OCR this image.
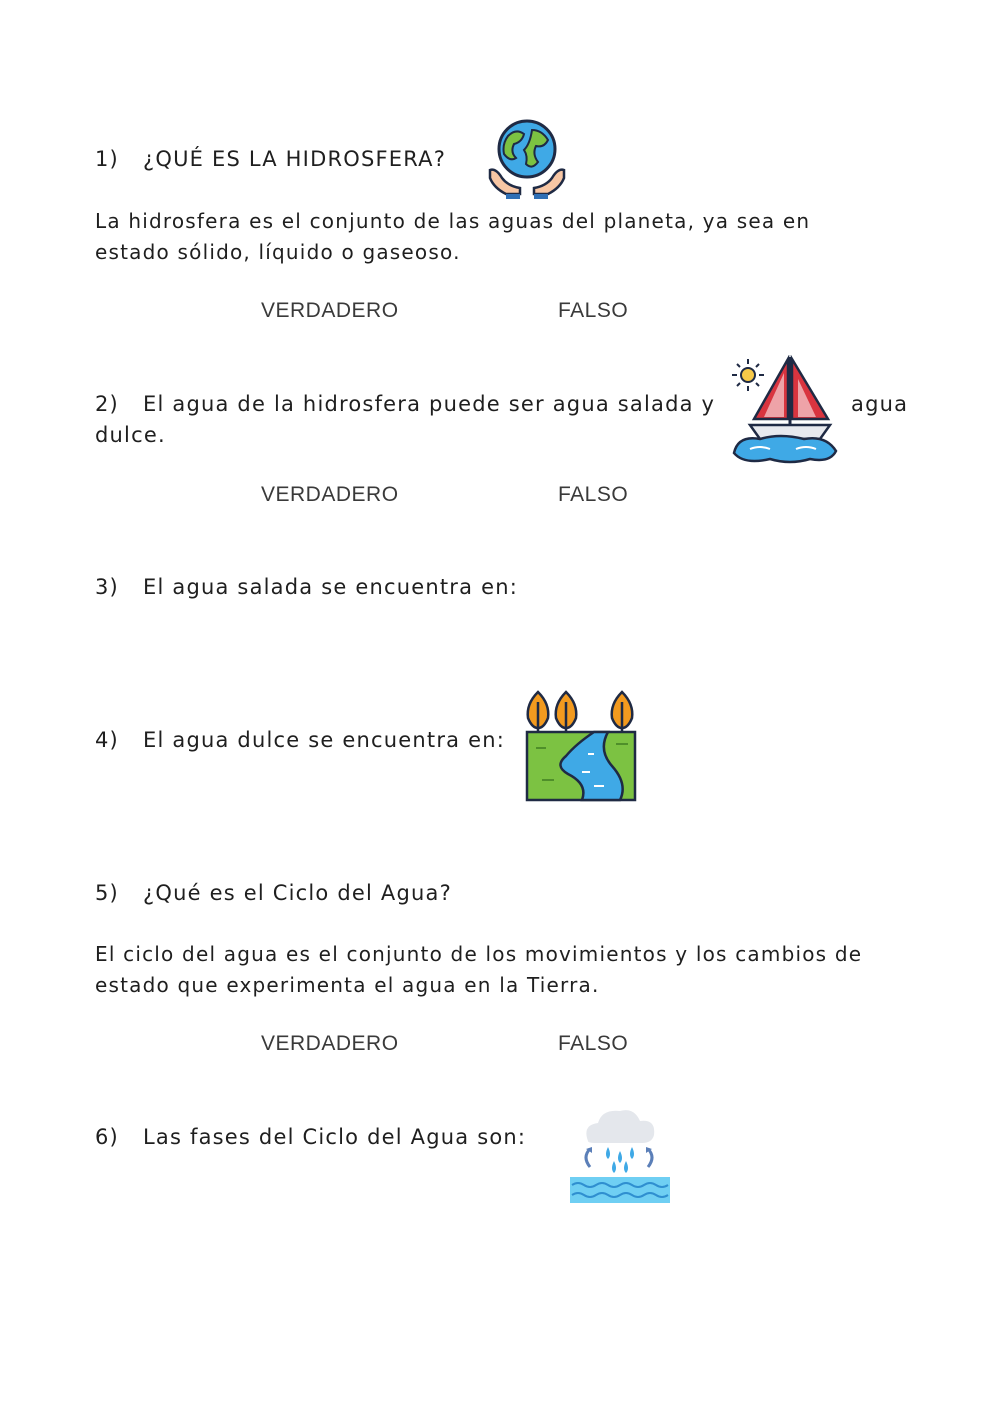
1) ¿QUÉ ES LA HIDROSFERA?
La hidrosfera es el conjunto de las aguas del planeta, ya sea en
estado sólido, líquido o gaseoso.
VERDADERO	FALSO
2) El agua de la hidrosfera puede ser agua salada y	agua
dulce.
VERDADERO	FALSO
3) El agua salada se encuentra en:
4) El agua dulce se encuentra en:
5) ¿Qué es el Ciclo del Agua?
El ciclo del agua es el conjunto de los movimientos y los cambios de
estado que experimenta el agua en la Tierra.
VERDADERO	FALSO
6) Las fases del Ciclo del Agua son:
